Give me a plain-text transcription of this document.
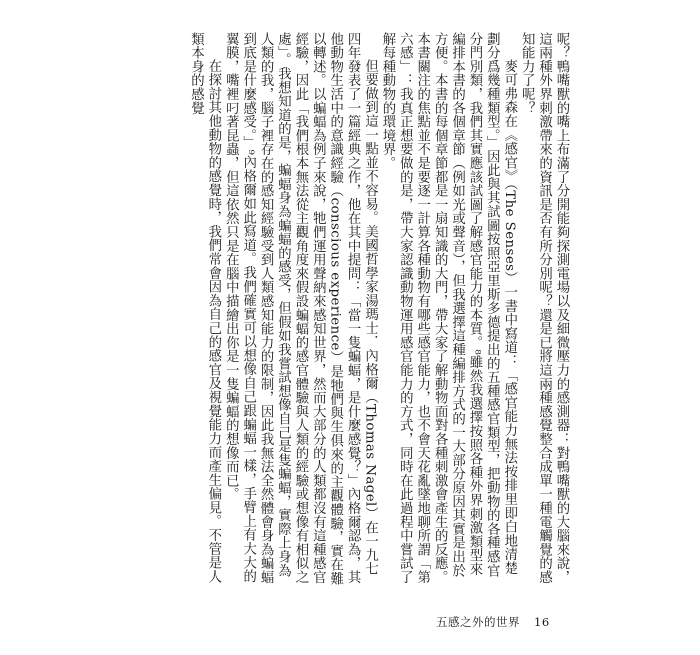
呢？鴨嘴獸的嘴上布滿了分開能夠探測電場以及細微壓力的感測器：對鴨嘴獸的大腦來說，這兩種外界刺激帶來的資訊是否有所分別呢？還是已將這兩種感覺整合成單一種電觸覺的感知能力了呢？

麥可弗森在《感官》（The Senses）一書中寫道：「感官能力無法按排里即白地清楚劃分爲幾種類型。」因此與其試圖按照亞里斯多德提出的五種感官類型，把動物的各種感官分門別類，我們其實應該試圖了解感官能力的本質。⁸雖然我選擇按照各種外界刺激類型來編排本書的各個章節（例如光或聲音），但我選擇這種編排方式的一大部分原因其實是出於方便。本書的每個章節都是一扇知識的大門，帶大家了解動物面對各種刺激會產生的反應。本書關注的焦點並不是要逐一計算各種動物有哪些感官能力，也不會天花亂墜地聊所謂「第六感」：我真正想要做的是，帶大家認識動物運用感官能力的方式，同時在此過程中嘗試了解每種動物的環境界。

但要做到這一點並不容易。美國哲學家湯瑪士．內格爾（Thomas Nagel）在一九七四年發表了一篇經典之作，他在其中提問：「當一隻蝙蝠，是什麼感覺？」內格爾認為，其他動物生活中的意識經驗（conscious experience）是牠們與生俱來的主觀體驗，實在難以轉述。以蝙蝠為例子來說，牠們運用聲納來感知世界，然而大部分的人類都沒有這種感官經驗，因此「我們根本無法從主觀角度來假設蝙蝠的感官體驗與人類的經驗或想像有相似之處」。我想知道的是，蝙蝠身為蝙蝠的感受，但假如我嘗試想像自己是隻蝙蝠，實際上身為人類的我，腦子裡存在的感知經驗受到人類感知能力的限制，因此我無法全然體會身為蝙蝠到底是什麼感受。」⁹內格爾如此寫道。我們確實可以想像自己跟蝙蝠一樣，手臂上有大大的翼膜，嘴裡叼著昆蟲，但這依然只是在腦中描繪出你是一隻蝙蝠的想像而已。

在探討其他動物的感覺時，我們常會因為自己的感官及視覺能力而產生偏見。不管是人類本身的感覺

五感之外的世界 16
